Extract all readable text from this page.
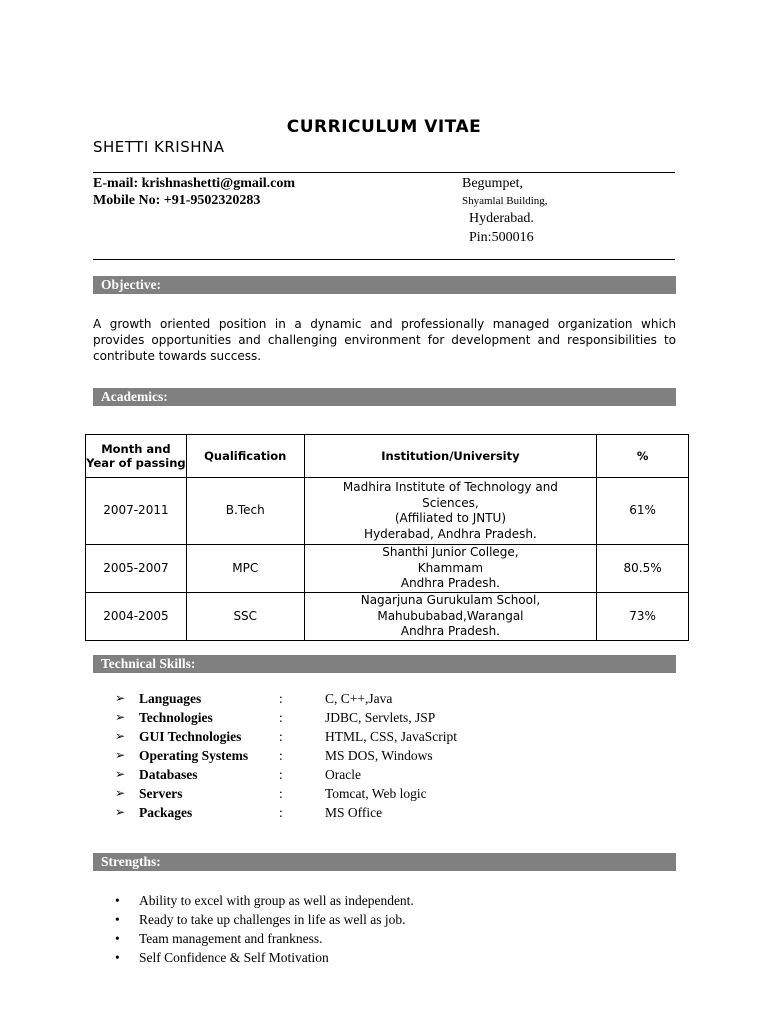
CURRICULUM VITAE
SHETTI KRISHNA
E-mail: krishnashetti@gmail.com
Mobile No: +91-9502320283
Begumpet,
Shyamlal Building,
Hyderabad.
Pin:500016
Objective:
A growth oriented position in a dynamic and professionally managed organization which provides opportunities and challenging environment for development and responsibilities to contribute towards success.
Academics:
Month and Year of passing	Qualification	Institution/University	%
2007-2011	B.Tech	Madhira Institute of Technology and
Sciences,
(Affiliated to JNTU)
Hyderabad, Andhra Pradesh.	61%
2005-2007	MPC	Shanthi Junior College,
Khammam
Andhra Pradesh.	80.5%
2004-2005	SSC	Nagarjuna Gurukulam School,
Mahububabad,Warangal
Andhra Pradesh.	73%
Technical Skills:
➢ Languages	:	C, C++,Java
➢ Technologies	:	JDBC, Servlets, JSP
➢ GUI Technologies	:	HTML, CSS, JavaScript
➢ Operating Systems :	MS DOS, Windows
➢ Databases	:	Oracle
➢ Servers	:	Tomcat, Web logic
➢ Packages	:	MS Office
Strengths:
• Ability to excel with group as well as independent.
• Ready to take up challenges in life as well as job.
• Team management and frankness.
• Self Confidence & Self Motivation
